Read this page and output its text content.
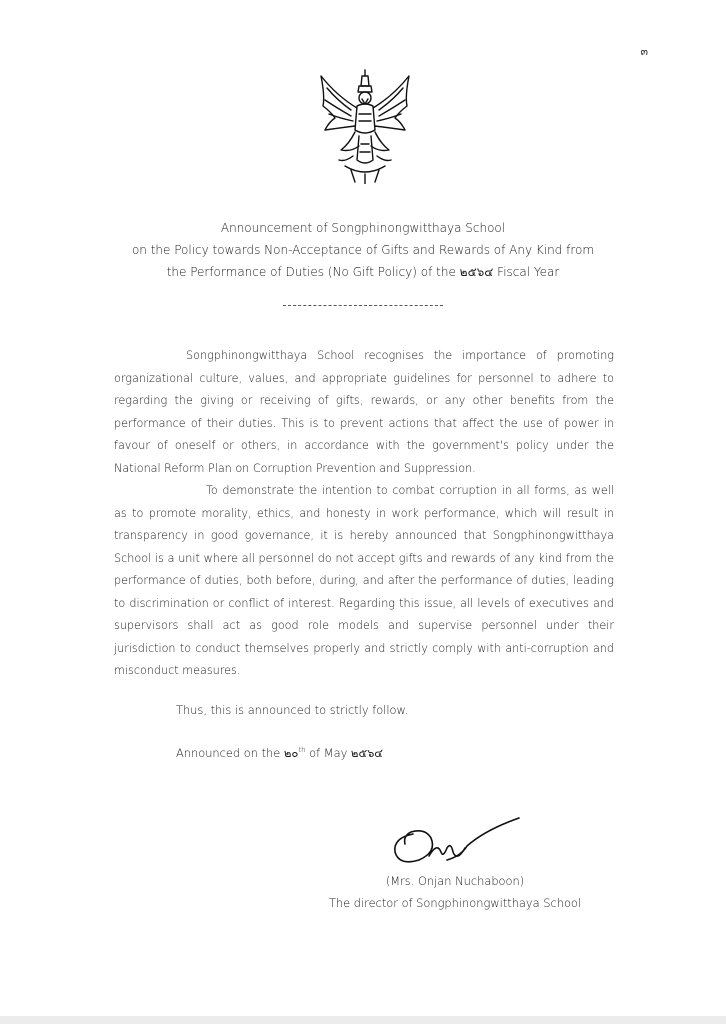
๓
Announcement of Songphinongwitthaya School
on the Policy towards Non-Acceptance of Gifts and Rewards of Any Kind from
the Performance of Duties (No Gift Policy) of the ๒๕๖๔ Fiscal Year
Songphinongwitthaya School recognises the importance of promoting organizational culture, values, and appropriate guidelines for personnel to adhere to regarding the giving or receiving of gifts, rewards, or any other benefits from the performance of their duties. This is to prevent actions that affect the use of power in favour of oneself or others, in accordance with the government's policy under the National Reform Plan on Corruption Prevention and Suppression.
To demonstrate the intention to combat corruption in all forms, as well as to promote morality, ethics, and honesty in work performance, which will result in transparency in good governance, it is hereby announced that Songphinongwitthaya School is a unit where all personnel do not accept gifts and rewards of any kind from the performance of duties, both before, during, and after the performance of duties, leading to discrimination or conflict of interest. Regarding this issue, all levels of executives and supervisors shall act as good role models and supervise personnel under their jurisdiction to conduct themselves properly and strictly comply with anti-corruption and misconduct measures.
Thus, this is announced to strictly follow.
Announced on the ๒๐$^{th}$ of May ๒๕๖๔
(Mrs. Onjan Nuchaboon)
The director of Songphinongwitthaya School
